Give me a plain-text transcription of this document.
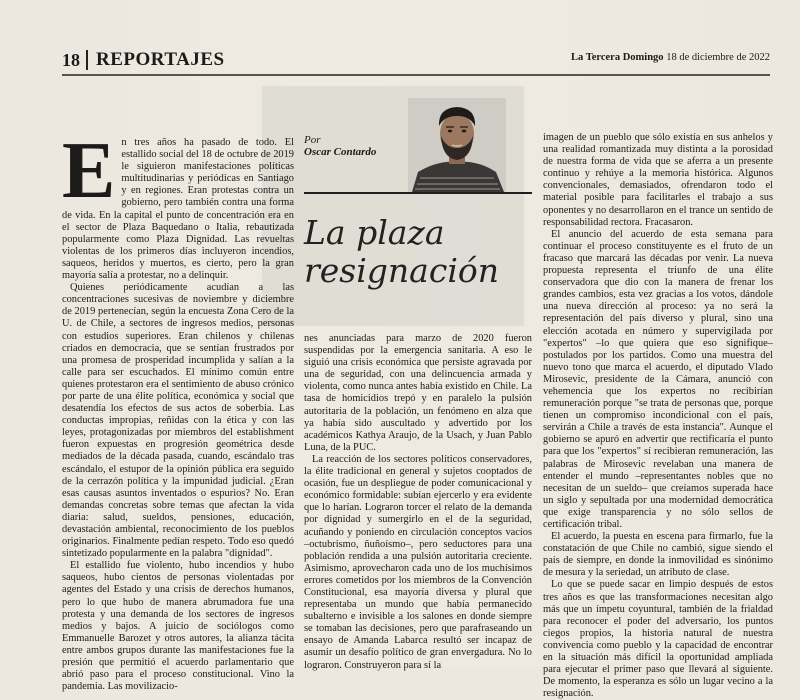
18 REPORTAJES	La Tercera Domingo 18 de diciembre de 2022
E n tres años ha pasado de todo. El estallido social del 18 de octubre de 2019 le siguieron manifestaciones políticas multitudinarias y periódicas en Santiago y en regiones. Eran protestas contra un gobierno, pero también contra una forma de vida. En la capital el punto de concentración era en el sector de Plaza Baquedano o Italia, rebautizada popularmente como Plaza Dignidad. Las revueltas violentas de los primeros días incluyeron incendios, saqueos, heridos y muertos, es cierto, pero la gran mayoría salía a protestar, no a delinquir.

Quienes periódicamente acudían a las concentraciones sucesivas de noviembre y diciembre de 2019 pertenecían, según la encuesta Zona Cero de la U. de Chile, a sectores de ingresos medios, personas con estudios superiores. Eran chilenos y chilenas criados en democracia, que se sentían frustrados por una promesa de prosperidad incumplida y salían a la calle para ser escuchados. El mínimo común entre quienes protestaron era el sentimiento de abuso crónico por parte de una élite política, económica y social que desatendía los efectos de sus actos de soberbia. Las conductas impropias, reñidas con la ética y con las leyes, protagonizadas por miembros del establishment fueron expuestas en progresión geométrica desde mediados de la década pasada, cuando, escándalo tras escándalo, el estupor de la opinión pública era seguido de la cerrazón política y la impunidad judicial. ¿Eran esas causas asuntos inventados o espurios? No. Eran demandas concretas sobre temas que afectan la vida diaria: salud, sueldos, pensiones, educación, devastación ambiental, reconocimiento de los pueblos originarios. Finalmente pedían respeto. Todo eso quedó sintetizado popularmente en la palabra "dignidad".

El estallido fue violento, hubo incendios y hubo saqueos, hubo cientos de personas violentadas por agentes del Estado y una crisis de derechos humanos, pero lo que hubo de manera abrumadora fue una protesta y una demanda de los sectores de ingresos medios y bajos. A juicio de sociólogos como Emmanuelle Barozet y otros autores, la alianza tácita entre ambos grupos durante las manifestaciones fue la presión que permitió el acuerdo parlamentario que abrió paso para el proceso constitucional. Vino la pandemia. Las movilizacio-

Por
Oscar Contardo
La plaza
resignación

nes anunciadas para marzo de 2020 fueron suspendidas por la emergencia sanitaria. A eso le siguió una crisis económica que persiste agravada por una de seguridad, con una delincuencia armada y violenta, como nunca antes había existido en Chile. La tasa de homicidios trepó y en paralelo la pulsión autoritaria de la población, un fenómeno en alza que ya había sido auscultado y advertido por los académicos Kathya Araujo, de la Usach, y Juan Pablo Luna, de la PUC.

La reacción de los sectores políticos conservadores, la élite tradicional en general y sujetos cooptados de ocasión, fue un despliegue de poder comunicacional y económico formidable: subían ejercerlo y era evidente que lo harían. Lograron torcer el relato de la demanda por dignidad y sumergirlo en el de la seguridad, acuñando y poniendo en circulación conceptos vacíos –octubrismo, ñuñoísmo–, pero seductores para una población rendida a una pulsión autoritaria creciente. Asimismo, aprovecharon cada uno de los muchísimos errores cometidos por los miembros de la Convención Constitucional, esa mayoría diversa y plural que representaba un mundo que había permanecido subalterno e invisible a los salones en donde siempre se tomaban las decisiones, pero que parafraseando un ensayo de Amanda Labarca resultó ser incapaz de asumir un desafío político de gran envergadura. No lo lograron. Construyeron para sí la

imagen de un pueblo que sólo existía en sus anhelos y una realidad romantizada muy distinta a la porosidad de nuestra forma de vida que se aferra a un presente continuo y rehúye a la memoria histórica. Algunos convencionales, demasiados, ofrendaron todo el material posible para facilitarles el trabajo a sus oponentes y no desarrollaron en el trance un sentido de responsabilidad rectora. Fracasaron.

El anuncio del acuerdo de esta semana para continuar el proceso constituyente es el fruto de un fracaso que marcará las décadas por venir. La nueva propuesta representa el triunfo de una élite conservadora que dio con la manera de frenar los grandes cambios, esta vez gracias a los votos, dándole una nueva dirección al proceso: ya no será la representación del país diverso y plural, sino una elección acotada en número y supervigilada por "expertos" –lo que quiera que eso signifique– postulados por los partidos. Como una muestra del nuevo tono que marca el acuerdo, el diputado Vlado Mirosevic, presidente de la Cámara, anunció con vehemencia que los expertos no recibirían remuneración porque "se trata de personas que, porque tienen un compromiso incondicional con el país, servirán a Chile a través de esta instancia". Aunque el gobierno se apuró en advertir que rectificaría el punto para que los "expertos" sí recibieran remuneración, las palabras de Mirosevic revelaban una manera de entender el mundo –representantes nobles que no necesitan de un sueldo– que creíamos superada hace un siglo y sepultada por una modernidad democrática que exige transparencia y no sólo sellos de certificación tribal.

El acuerdo, la puesta en escena para firmarlo, fue la constatación de que Chile no cambió, sigue siendo el país de siempre, en donde la inmovilidad es sinónimo de mesura y la seriedad, un atributo de clase.

Lo que se puede sacar en limpio después de estos tres años es que las transformaciones necesitan algo más que un ímpetu coyuntural, también de la frialdad para reconocer el poder del adversario, los puntos ciegos propios, la historia natural de nuestra convivencia como pueblo y la capacidad de encontrar en la situación más difícil la oportunidad ampliada para ejecutar el primer paso que llevará al siguiente. De momento, la esperanza es sólo un lugar vecino a la resignación.
